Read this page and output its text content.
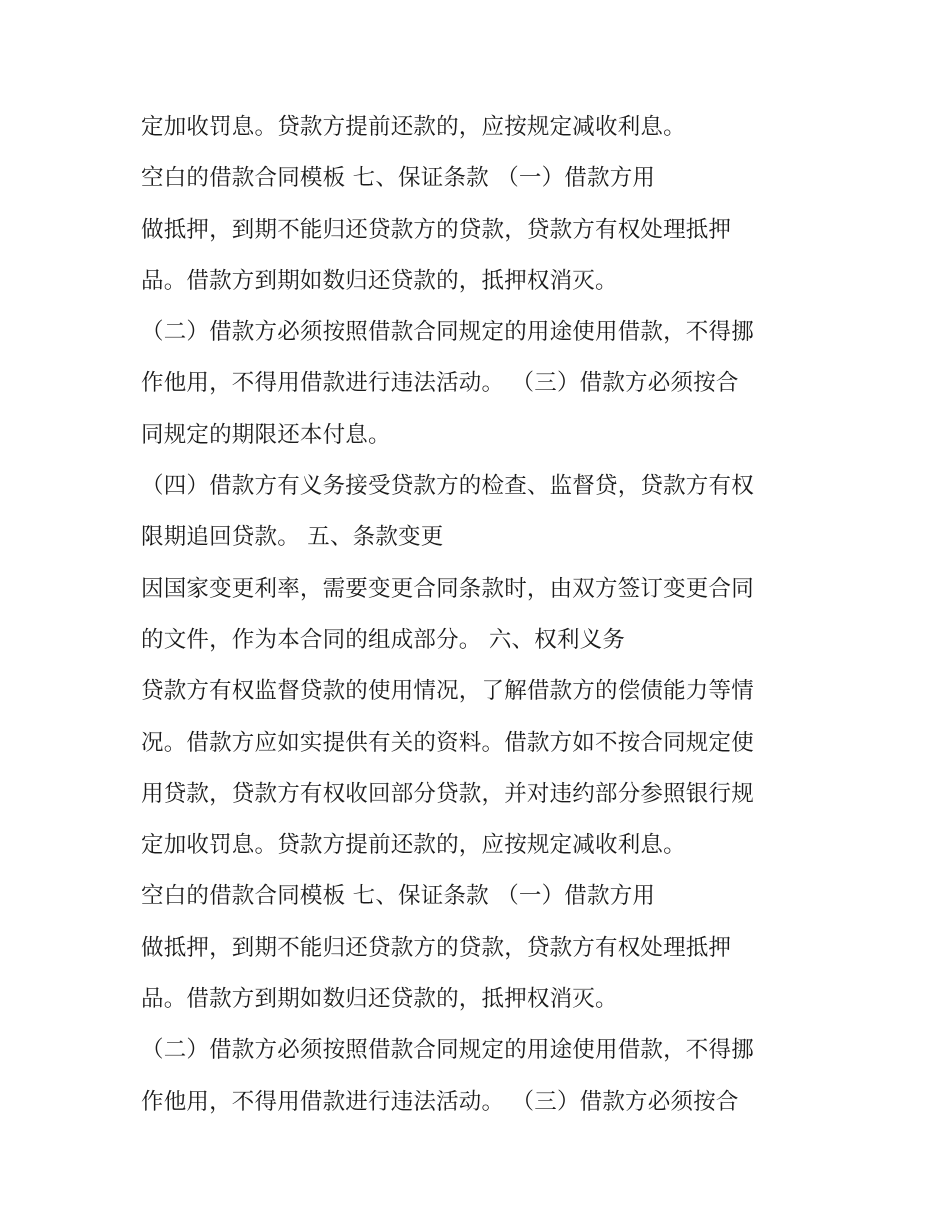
定加收罚息。贷款方提前还款的，应按规定减收利息。
空白的借款合同模板 七、保证条款 （一）借款方用
做抵押，到期不能归还贷款方的贷款，贷款方有权处理抵押
品。借款方到期如数归还贷款的，抵押权消灭。
（二）借款方必须按照借款合同规定的用途使用借款，不得挪
作他用，不得用借款进行违法活动。 （三）借款方必须按合
同规定的期限还本付息。
（四）借款方有义务接受贷款方的检查、监督贷，贷款方有权
限期追回贷款。 五、条款变更
因国家变更利率，需要变更合同条款时，由双方签订变更合同
的文件，作为本合同的组成部分。 六、权利义务
贷款方有权监督贷款的使用情况，了解借款方的偿债能力等情
况。借款方应如实提供有关的资料。借款方如不按合同规定使
用贷款，贷款方有权收回部分贷款，并对违约部分参照银行规
定加收罚息。贷款方提前还款的，应按规定减收利息。
空白的借款合同模板 七、保证条款 （一）借款方用
做抵押，到期不能归还贷款方的贷款，贷款方有权处理抵押
品。借款方到期如数归还贷款的，抵押权消灭。
（二）借款方必须按照借款合同规定的用途使用借款，不得挪
作他用，不得用借款进行违法活动。 （三）借款方必须按合
